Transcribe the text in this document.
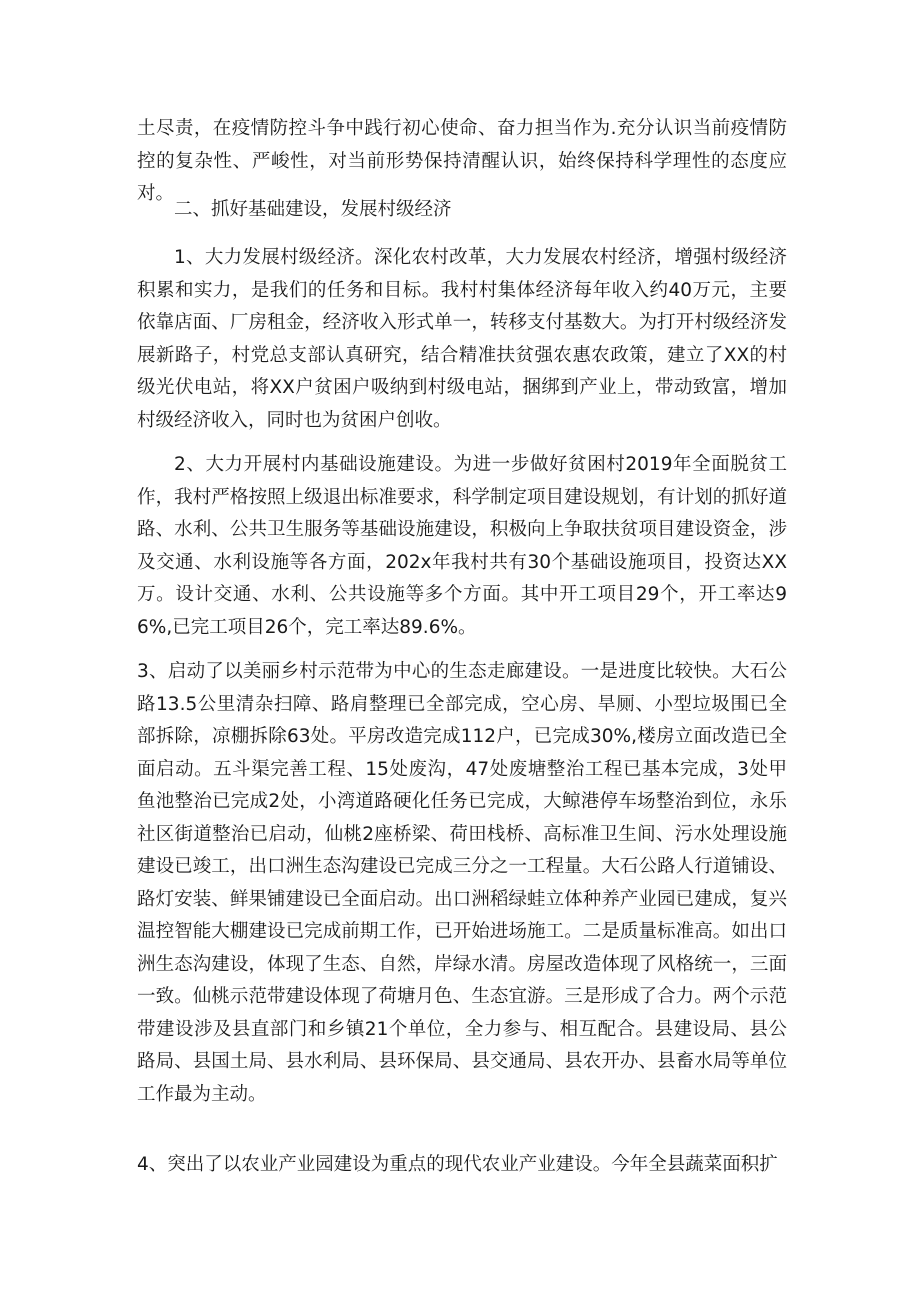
土尽责，在疫情防控斗争中践行初心使命、奋力担当作为.充分认识当前疫情防控的复杂性、严峻性，对当前形势保持清醒认识，始终保持科学理性的态度应对。

二、抓好基础建设，发展村级经济

1、大力发展村级经济。深化农村改革，大力发展农村经济，增强村级经济积累和实力，是我们的任务和目标。我村村集体经济每年收入约40万元，主要依靠店面、厂房租金，经济收入形式单一，转移支付基数大。为打开村级经济发展新路子，村党总支部认真研究，结合精准扶贫强农惠农政策，建立了XX的村级光伏电站，将XX户贫困户吸纳到村级电站，捆绑到产业上，带动致富，增加村级经济收入，同时也为贫困户创收。

2、大力开展村内基础设施建设。为进一步做好贫困村2019年全面脱贫工作，我村严格按照上级退出标准要求，科学制定项目建设规划，有计划的抓好道路、水利、公共卫生服务等基础设施建设，积极向上争取扶贫项目建设资金，涉及交通、水利设施等各方面，202x年我村共有30个基础设施项目，投资达XX万。设计交通、水利、公共设施等多个方面。其中开工项目29个，开工率达96%,已完工项目26个，完工率达89.6%。

3、启动了以美丽乡村示范带为中心的生态走廊建设。一是进度比较快。大石公路13.5公里清杂扫障、路肩整理已全部完成，空心房、旱厕、小型垃圾围已全部拆除，凉棚拆除63处。平房改造完成112户，已完成30%,楼房立面改造已全面启动。五斗渠完善工程、15处废沟，47处废塘整治工程已基本完成，3处甲鱼池整治已完成2处，小湾道路硬化任务已完成，大鲸港停车场整治到位，永乐社区街道整治已启动，仙桃2座桥梁、荷田栈桥、高标准卫生间、污水处理设施建设已竣工，出口洲生态沟建设已完成三分之一工程量。大石公路人行道铺设、路灯安装、鲜果铺建设已全面启动。出口洲稻绿蛙立体种养产业园已建成，复兴温控智能大棚建设已完成前期工作，已开始进场施工。二是质量标准高。如出口洲生态沟建设，体现了生态、自然，岸绿水清。房屋改造体现了风格统一，三面一致。仙桃示范带建设体现了荷塘月色、生态宜游。三是形成了合力。两个示范带建设涉及县直部门和乡镇21个单位，全力参与、相互配合。县建设局、县公路局、县国土局、县水利局、县环保局、县交通局、县农开办、县畜水局等单位工作最为主动。

4、突出了以农业产业园建设为重点的现代农业产业建设。今年全县蔬菜面积扩
